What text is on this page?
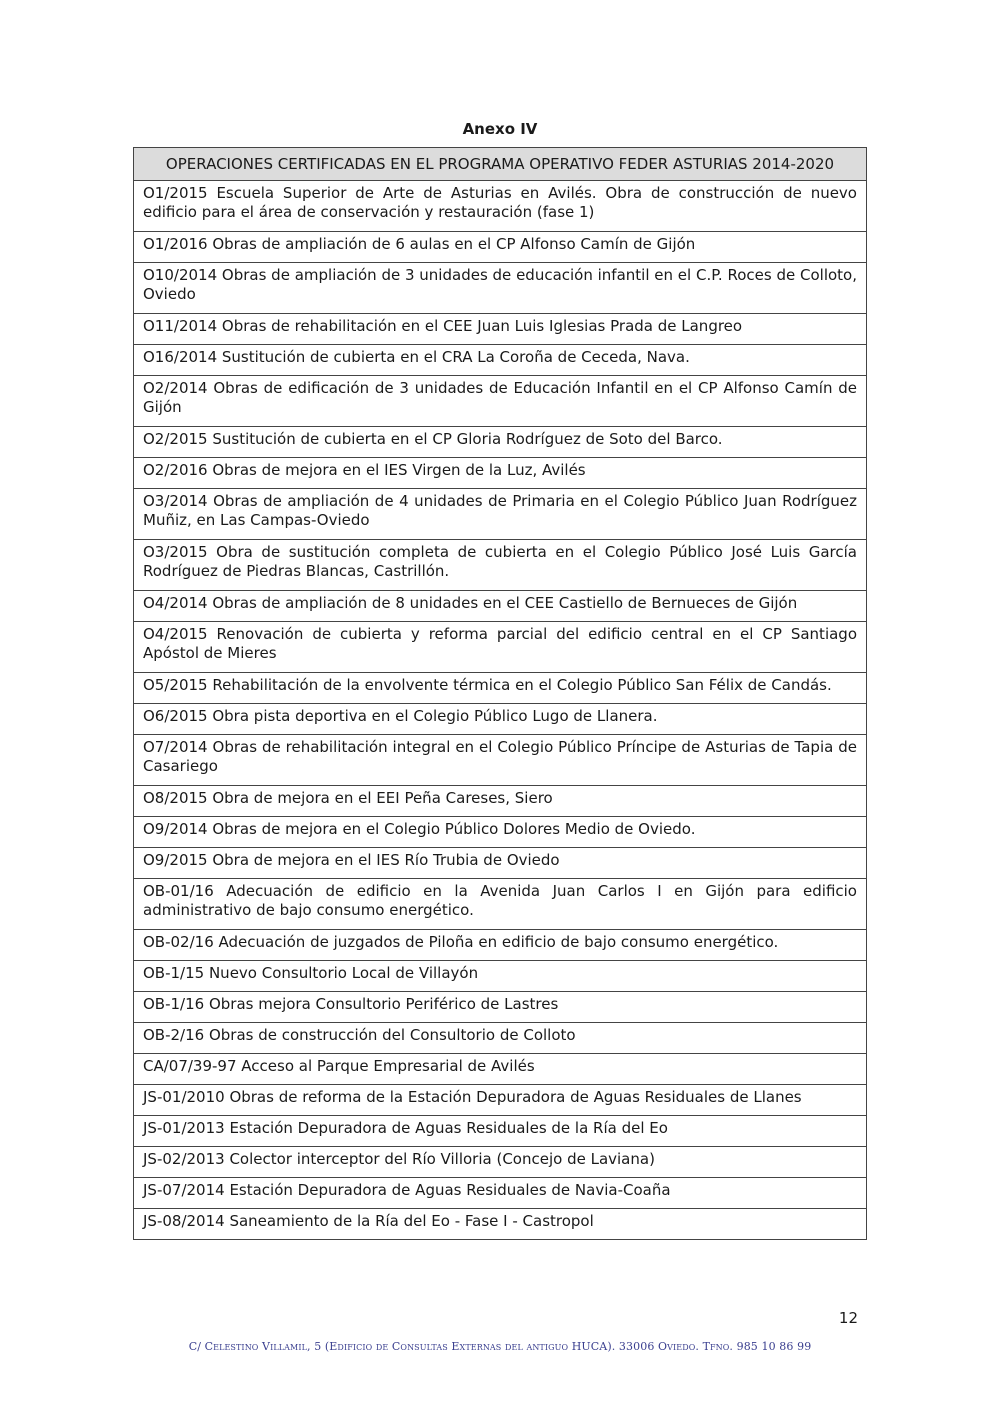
Anexo IV
OPERACIONES CERTIFICADAS EN EL PROGRAMA OPERATIVO FEDER ASTURIAS 2014-2020
O1/2015 Escuela Superior de Arte de Asturias en Avilés. Obra de construcción de nuevo edificio para el área de conservación y restauración (fase 1)
O1/2016 Obras de ampliación de 6 aulas en el CP Alfonso Camín de Gijón
O10/2014 Obras de ampliación de 3 unidades de educación infantil en el C.P. Roces de Colloto, Oviedo
O11/2014 Obras de rehabilitación en el CEE Juan Luis Iglesias Prada de Langreo
O16/2014 Sustitución de cubierta en el CRA La Coroña de Ceceda, Nava.
O2/2014 Obras de edificación de 3 unidades de Educación Infantil en el CP Alfonso Camín de Gijón
O2/2015 Sustitución de cubierta en el CP Gloria Rodríguez de Soto del Barco.
O2/2016 Obras de mejora en el IES Virgen de la Luz, Avilés
O3/2014 Obras de ampliación de 4 unidades de Primaria en el Colegio Público Juan Rodríguez Muñiz, en Las Campas-Oviedo
O3/2015 Obra de sustitución completa de cubierta en el Colegio Público José Luis García Rodríguez de Piedras Blancas, Castrillón.
O4/2014 Obras de ampliación de 8 unidades en el CEE Castiello de Bernueces de Gijón
O4/2015 Renovación de cubierta y reforma parcial del edificio central en el CP Santiago Apóstol de Mieres
O5/2015 Rehabilitación de la envolvente térmica en el Colegio Público San Félix de Candás.
O6/2015 Obra pista deportiva en el Colegio Público Lugo de Llanera.
O7/2014 Obras de rehabilitación integral en el Colegio Público Príncipe de Asturias de Tapia de Casariego
O8/2015 Obra de mejora en el EEI Peña Careses, Siero
O9/2014 Obras de mejora en el Colegio Público Dolores Medio de Oviedo.
O9/2015 Obra de mejora en el IES Río Trubia de Oviedo
OB-01/16 Adecuación de edificio en la Avenida Juan Carlos I en Gijón para edificio administrativo de bajo consumo energético.
OB-02/16 Adecuación de juzgados de Piloña en edificio de bajo consumo energético.
OB-1/15 Nuevo Consultorio Local de Villayón
OB-1/16 Obras mejora Consultorio Periférico de Lastres
OB-2/16 Obras de construcción del Consultorio de Colloto
CA/07/39-97 Acceso al Parque Empresarial de Avilés
JS-01/2010 Obras de reforma de la Estación Depuradora de Aguas Residuales de Llanes
JS-01/2013 Estación Depuradora de Aguas Residuales de la Ría del Eo
JS-02/2013 Colector interceptor del Río Villoria (Concejo de Laviana)
JS-07/2014 Estación Depuradora de Aguas Residuales de Navia-Coaña
JS-08/2014 Saneamiento de la Ría del Eo - Fase I - Castropol
12
C/ Celestino Villamil, 5 (Edificio de Consultas Externas del antiguo HUCA). 33006 Oviedo. Tfno. 985 10 86 99
